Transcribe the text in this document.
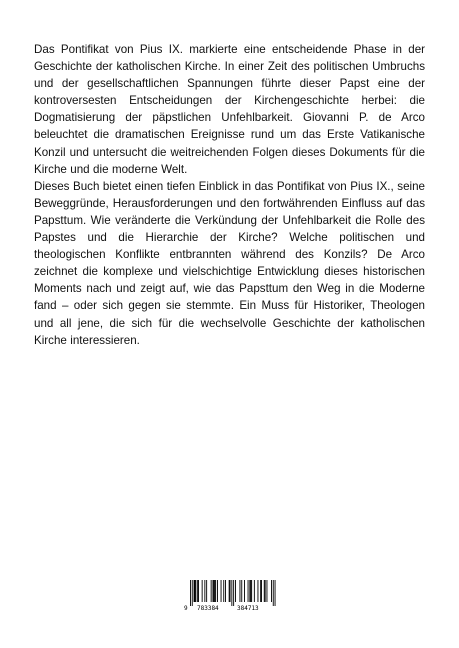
Das Pontifikat von Pius IX. markierte eine entscheidende Phase in der Geschichte der katholischen Kirche. In einer Zeit des politischen Umbruchs und der gesellschaftlichen Spannungen führte dieser Papst eine der kontroversesten Entscheidungen der Kirchengeschichte herbei: die Dogmatisierung der päpstlichen Unfehlbarkeit. Giovanni P. de Arco beleuchtet die dramatischen Ereignisse rund um das Erste Vatikanische Konzil und untersucht die weitreichenden Folgen dieses Dokuments für die Kirche und die moderne Welt.

Dieses Buch bietet einen tiefen Einblick in das Pontifikat von Pius IX., seine Beweggründe, Herausforderungen und den fortwährenden Einfluss auf das Papsttum. Wie veränderte die Verkündung der Unfehlbarkeit die Rolle des Papstes und die Hierarchie der Kirche? Welche politischen und theologischen Konflikte entbrannten während des Konzils? De Arco zeichnet die komplexe und vielschichtige Entwicklung dieses historischen Moments nach und zeigt auf, wie das Papsttum den Weg in die Moderne fand – oder sich gegen sie stemmte. Ein Muss für Historiker, Theologen und all jene, die sich für die wechselvolle Geschichte der katholischen Kirche interessieren.

9 783384	384713
